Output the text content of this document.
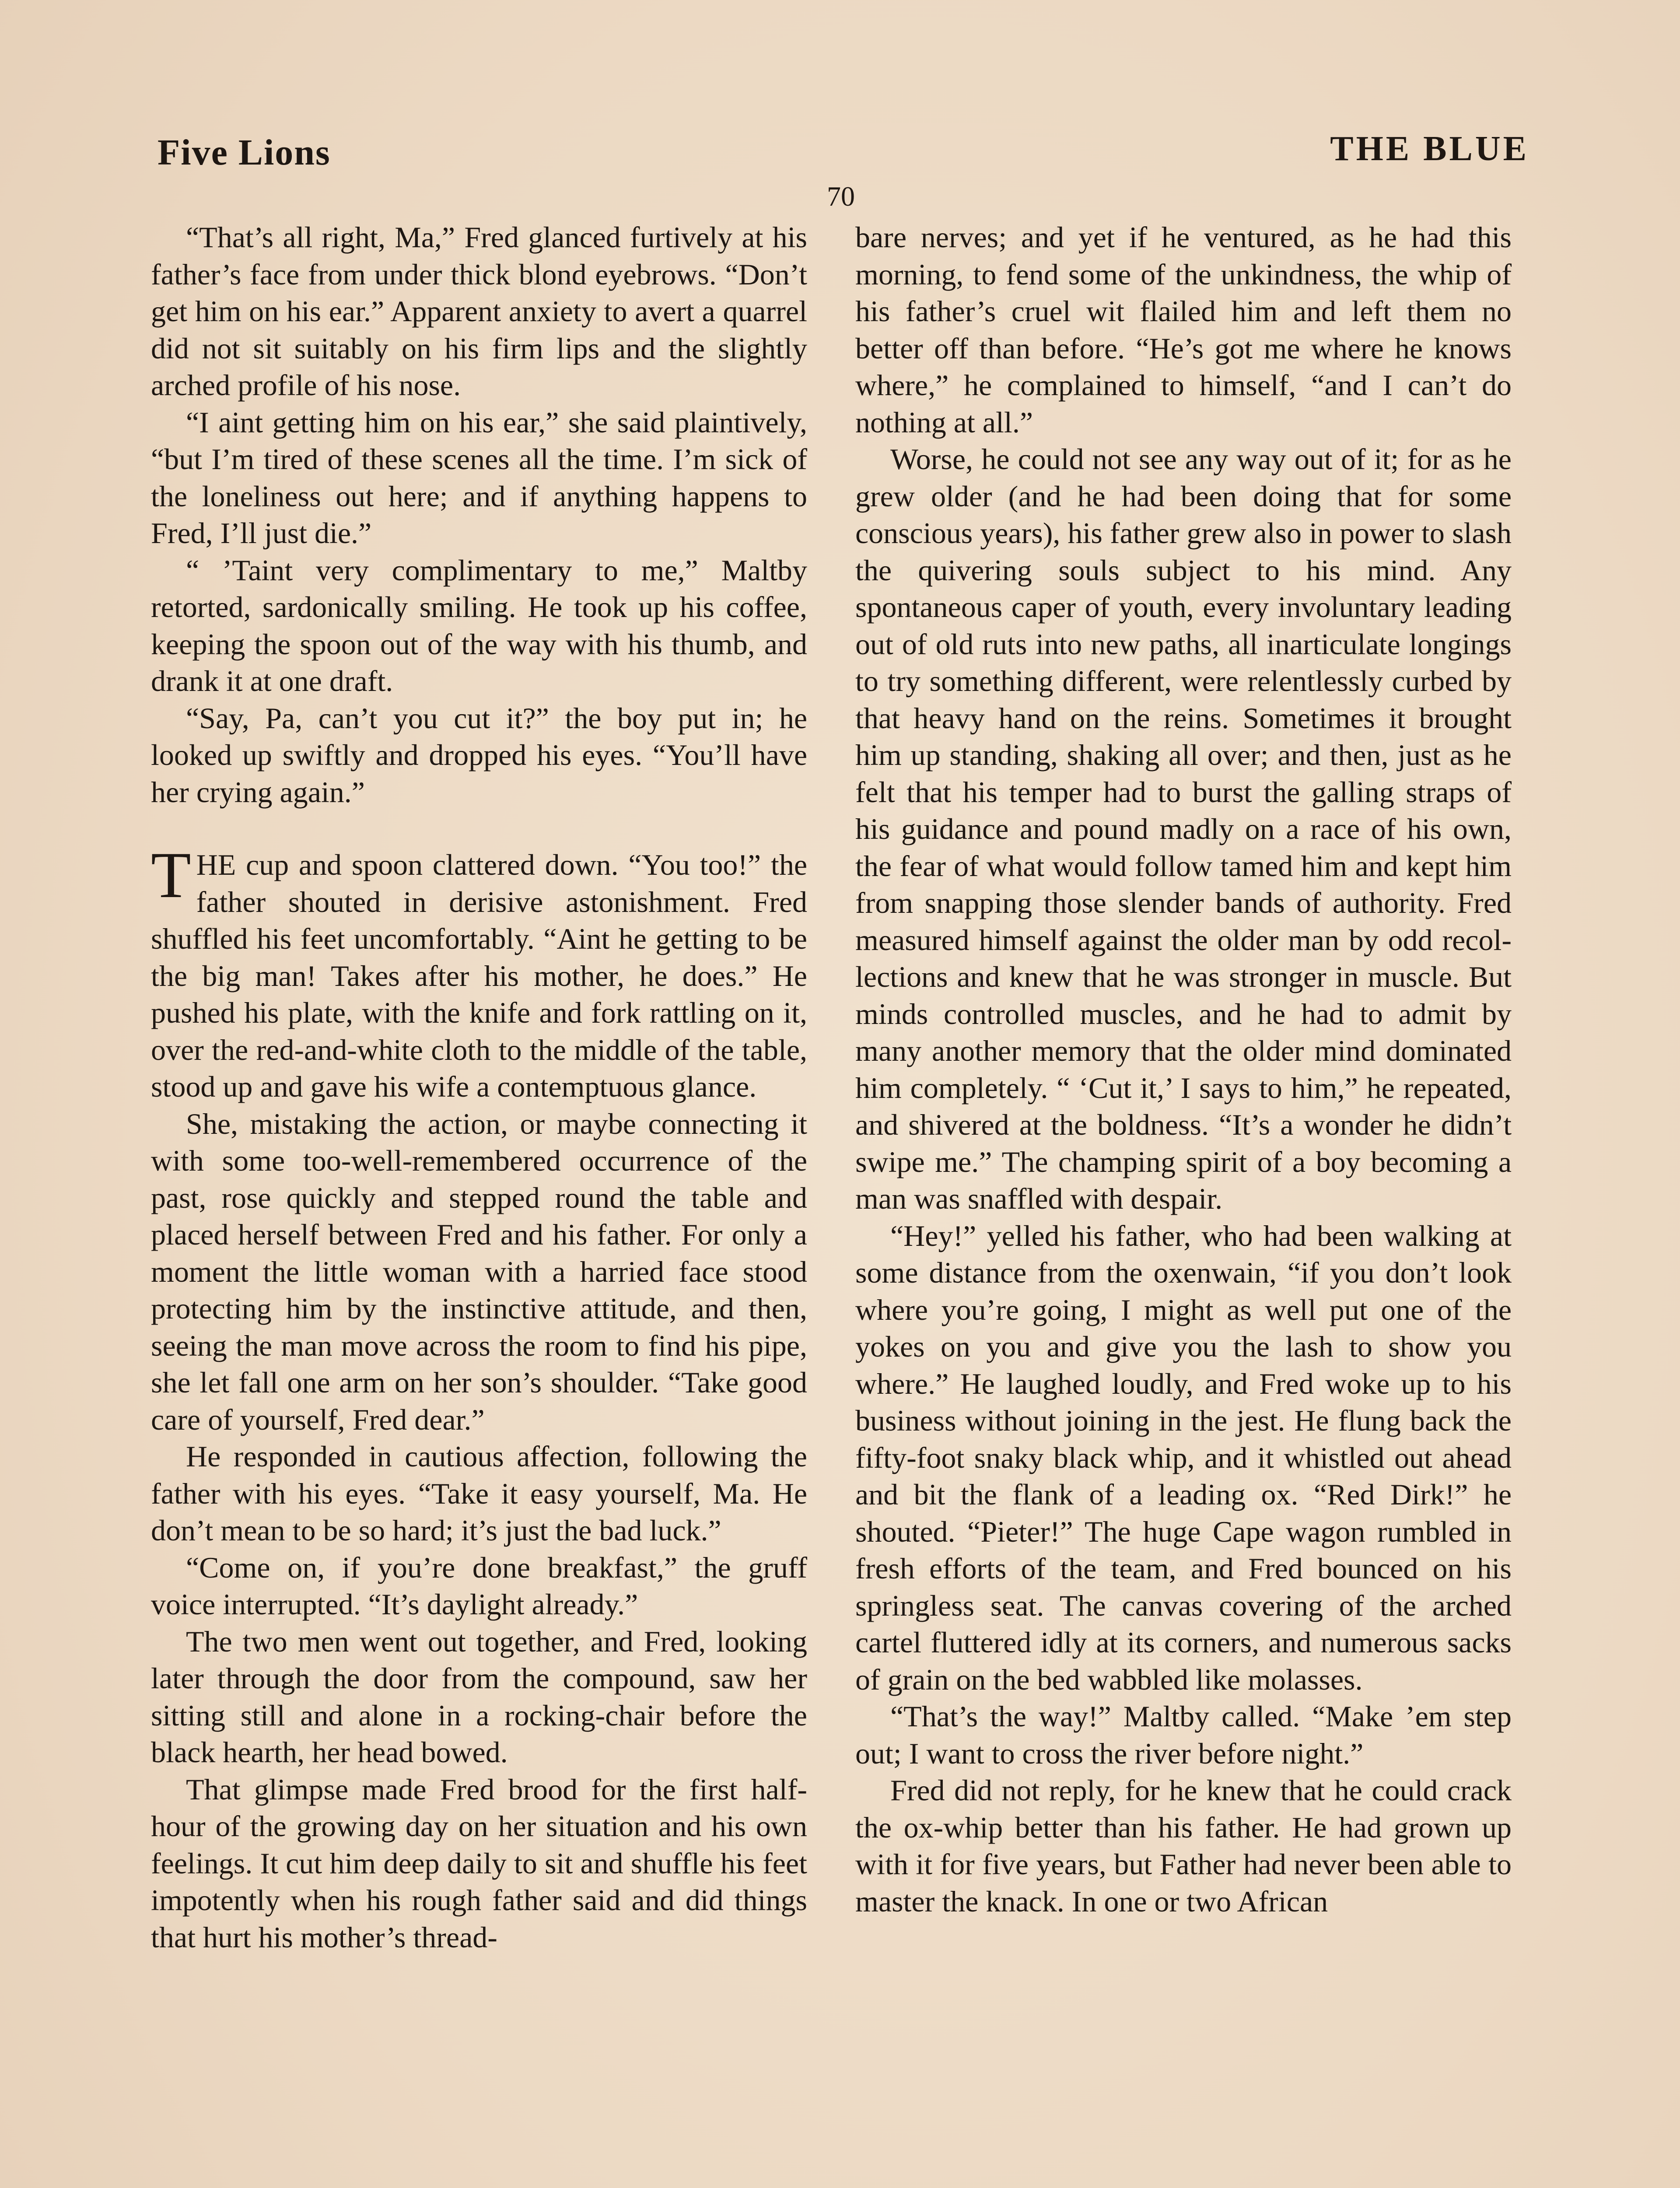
Five Lions
70
THE BLUE

“That’s all right, Ma,” Fred glanced furtively at his father’s face from under thick blond eyebrows. “Don’t get him on his ear.” Apparent anxiety to avert a quarrel did not sit suitably on his firm lips and the slightly arched profile of his nose.

“I aint getting him on his ear,” she said plaintively, “but I’m tired of these scenes all the time. I’m sick of the loneliness out here; and if anything happens to Fred, I’ll just die.”

“ ’Taint very complimentary to me,” Maltby retorted, sardonically smiling. He took up his coffee, keeping the spoon out of the way with his thumb, and drank it at one draft.

“Say, Pa, can’t you cut it?” the boy put in; he looked up swiftly and dropped his eyes. “You’ll have her crying again.”

THE cup and spoon clattered down. “You too!” the father shouted in derisive astonishment. Fred shuffled his feet uncomfortably. “Aint he getting to be the big man! Takes after his mother, he does.” He pushed his plate, with the knife and fork rattling on it, over the red-and-white cloth to the middle of the table, stood up and gave his wife a contemptuous glance.

She, mistaking the action, or maybe connecting it with some too-well-remembered occurrence of the past, rose quickly and stepped round the table and placed herself between Fred and his father. For only a moment the little woman with a harried face stood protecting him by the instinctive attitude, and then, seeing the man move across the room to find his pipe, she let fall one arm on her son’s shoulder. “Take good care of yourself, Fred dear.”

He responded in cautious affection, following the father with his eyes. “Take it easy yourself, Ma. He don’t mean to be so hard; it’s just the bad luck.”

“Come on, if you’re done breakfast,” the gruff voice interrupted. “It’s daylight already.”

The two men went out together, and Fred, looking later through the door from the compound, saw her sitting still and alone in a rocking-chair before the black hearth, her head bowed.

That glimpse made Fred brood for the first half-hour of the growing day on her situation and his own feelings. It cut him deep daily to sit and shuffle his feet impotently when his rough father said and did things that hurt his mother’s thread-

bare nerves; and yet if he ventured, as he had this morning, to fend some of the unkindness, the whip of his father’s cruel wit flailed him and left them no better off than before. “He’s got me where he knows where,” he complained to himself, “and I can’t do nothing at all.”

Worse, he could not see any way out of it; for as he grew older (and he had been doing that for some conscious years), his father grew also in power to slash the quivering souls subject to his mind. Any spontaneous caper of youth, every involuntary leading out of old ruts into new paths, all inarticulate longings to try something different, were relentlessly curbed by that heavy hand on the reins. Sometimes it brought him up standing, shaking all over; and then, just as he felt that his temper had to burst the galling straps of his guidance and pound madly on a race of his own, the fear of what would follow tamed him and kept him from snapping those slender bands of authority. Fred measured himself against the older man by odd recollections and knew that he was stronger in muscle. But minds controlled muscles, and he had to admit by many another memory that the older mind dominated him completely. “ ‘Cut it,’ I says to him,” he repeated, and shivered at the boldness. “It’s a wonder he didn’t swipe me.” The champing spirit of a boy becoming a man was snaffled with despair.

“Hey!” yelled his father, who had been walking at some distance from the oxenwain, “if you don’t look where you’re going, I might as well put one of the yokes on you and give you the lash to show you where.” He laughed loudly, and Fred woke up to his business without joining in the jest. He flung back the fifty-foot snaky black whip, and it whistled out ahead and bit the flank of a leading ox. “Red Dirk!” he shouted. “Pieter!” The huge Cape wagon rumbled in fresh efforts of the team, and Fred bounced on his springless seat. The canvas covering of the arched cartel fluttered idly at its corners, and numerous sacks of grain on the bed wabbled like molasses.

“That’s the way!” Maltby called. “Make ’em step out; I want to cross the river before night.”

Fred did not reply, for he knew that he could crack the ox-whip better than his father. He had grown up with it for five years, but Father had never been able to master the knack. In one or two African
